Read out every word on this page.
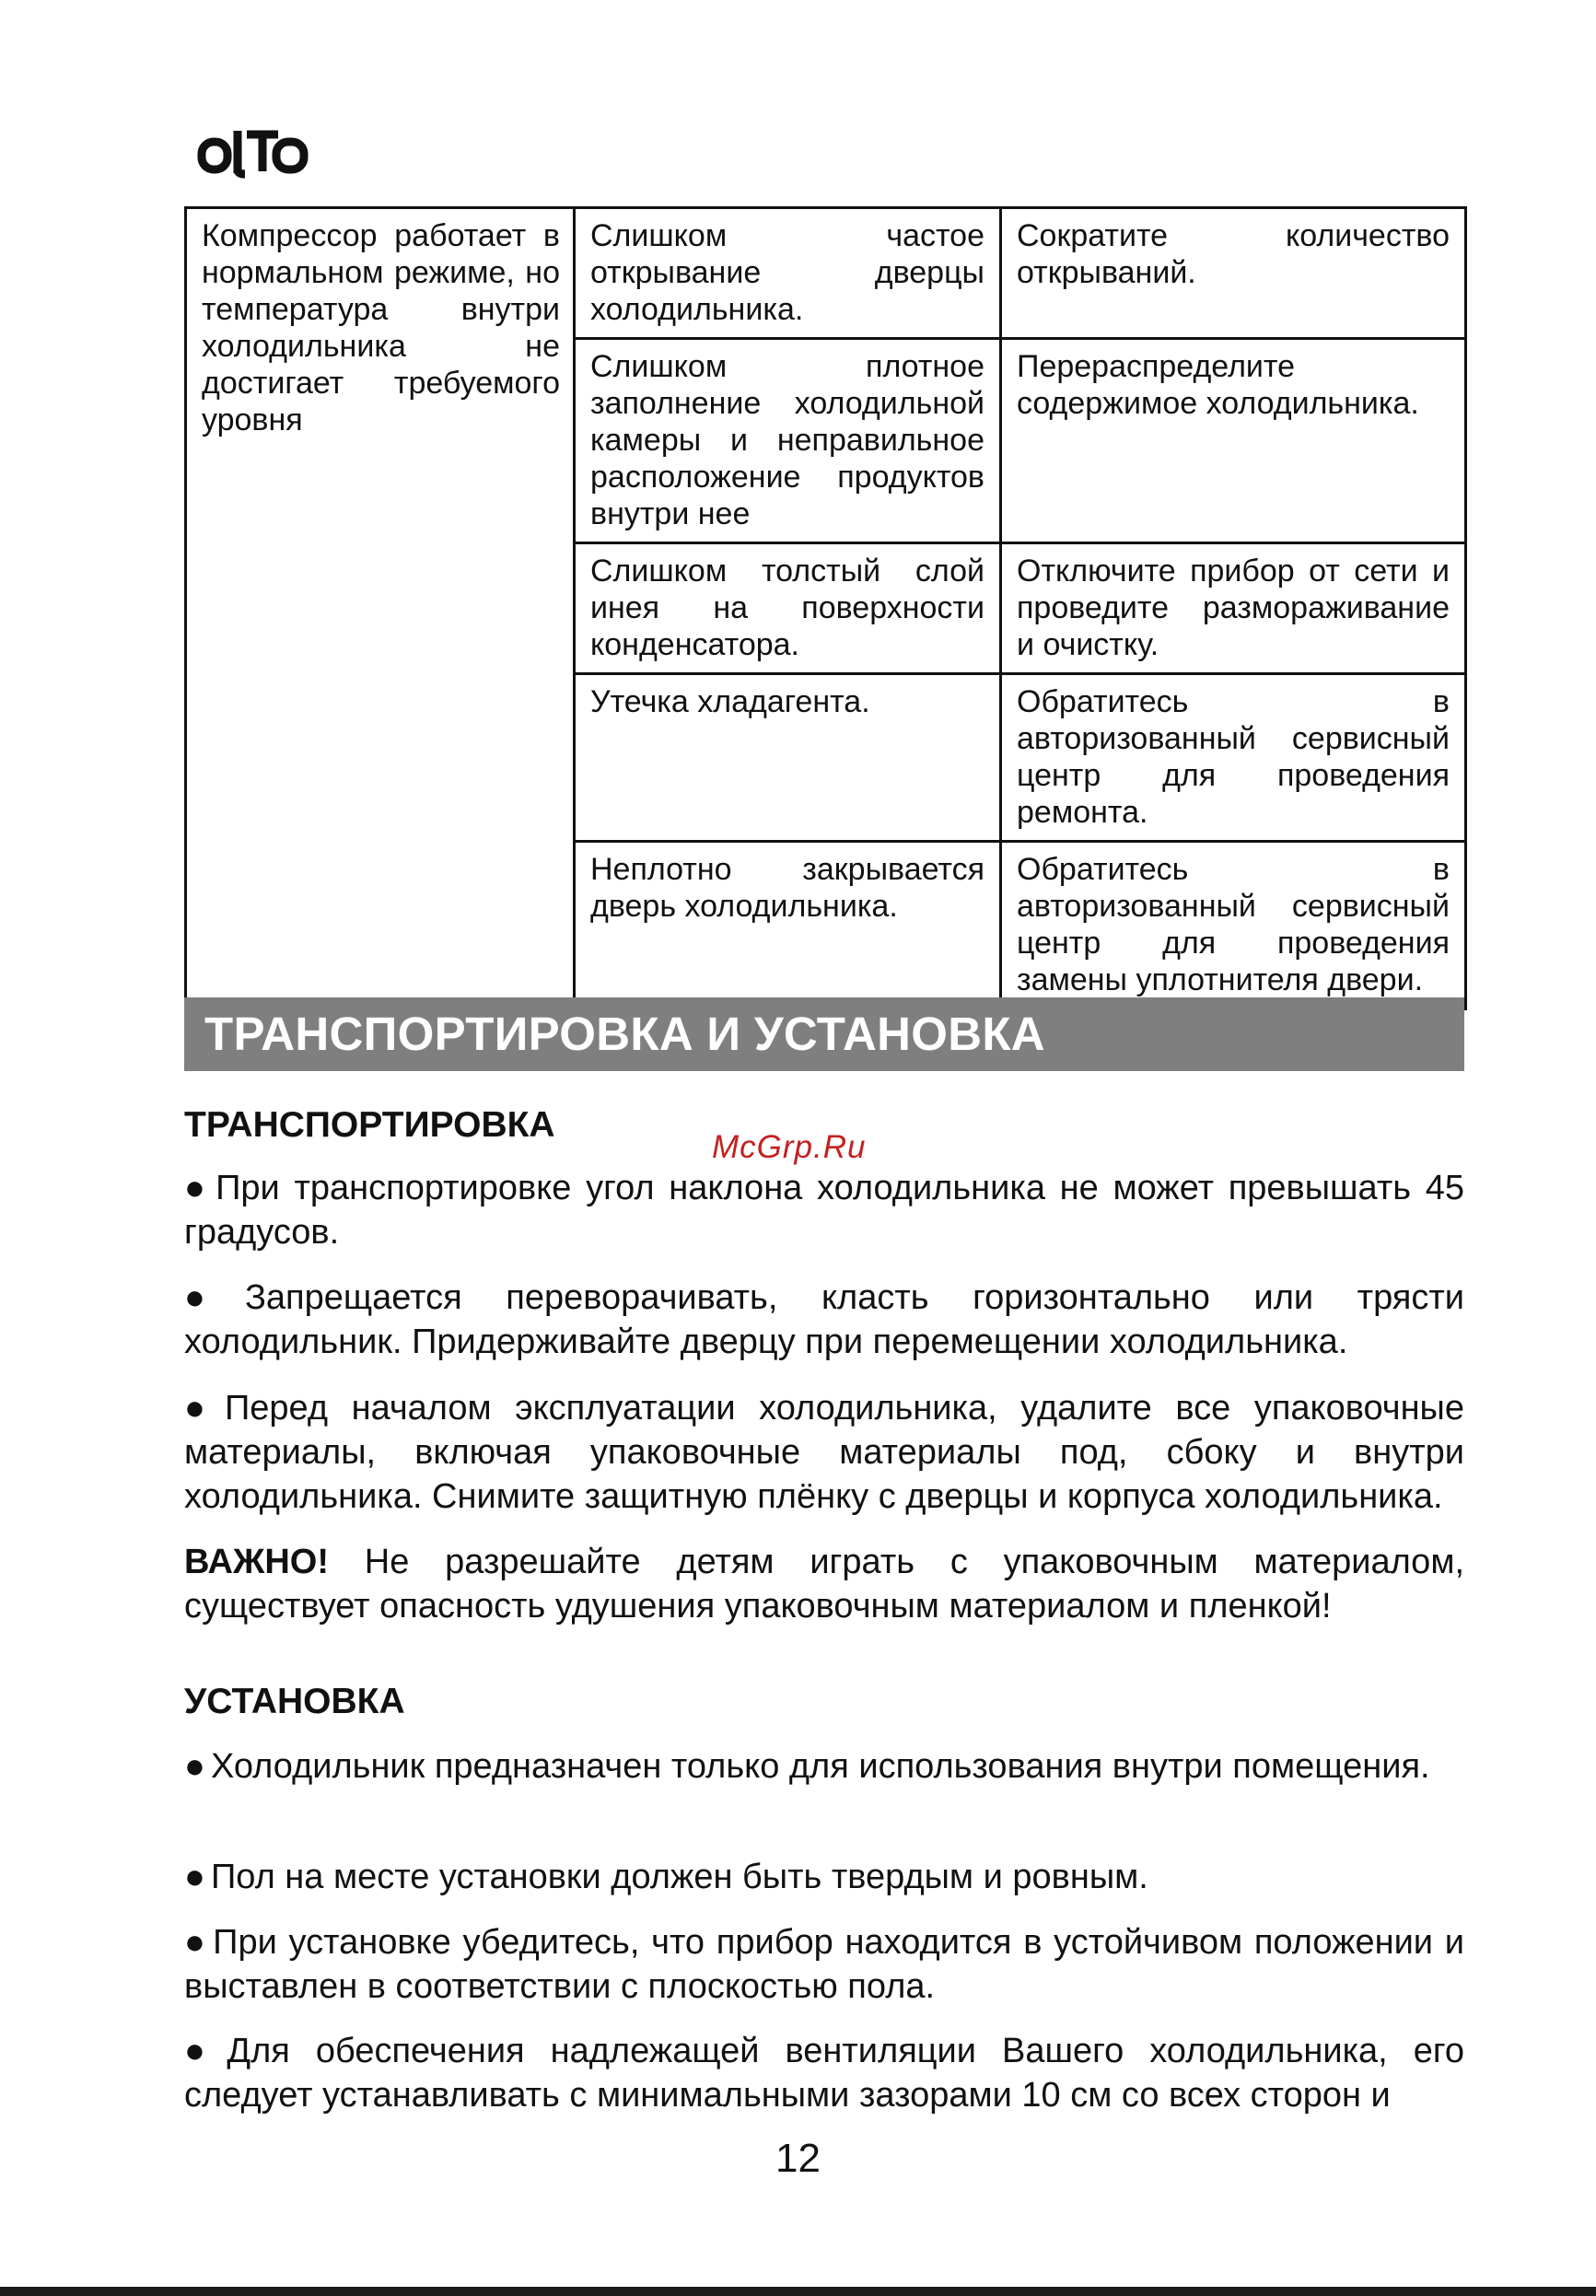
Компрессор работает в нормальном режиме, но температура внутри холодильника не достигает требуемого уровня	Слишком частое открывание дверцы холодильника.	Сократите количество открываний.
	Слишком плотное заполнение холодильной камеры и неправильное расположение продуктов внутри нее	Перераспределите содержимое холодильника.
	Слишком толстый слой инея на поверхности конденсатора.	Отключите прибор от сети и проведите размораживание и очистку.
	Утечка хладагента.	Обратитесь в авторизованный сервисный центр для проведения ремонта.
	Неплотно закрывается дверь холодильника.	Обратитесь в авторизованный сервисный центр для проведения замены уплотнителя двери.
ТРАНСПОРТИРОВКА И УСТАНОВКА
ТРАНСПОРТИРОВКА
McGrp.Ru
● При транспортировке угол наклона холодильника не может превышать 45 градусов.
● Запрещается переворачивать, класть горизонтально или трясти холодильник. Придерживайте дверцу при перемещении холодильника.
● Перед началом эксплуатации холодильника, удалите все упаковочные материалы, включая упаковочные материалы под, сбоку и внутри холодильника. Снимите защитную плёнку с дверцы и корпуса холодильника.
ВАЖНО! Не разрешайте детям играть с упаковочным материалом, существует опасность удушения упаковочным материалом и пленкой!
УСТАНОВКА
● Холодильник предназначен только для использования внутри помещения.
● Пол на месте установки должен быть твердым и ровным.
● При установке убедитесь, что прибор находится в устойчивом положении и выставлен в соответствии с плоскостью пола.
● Для обеспечения надлежащей вентиляции Вашего холодильника, его следует устанавливать с минимальными зазорами 10 см со всех сторон и
12
